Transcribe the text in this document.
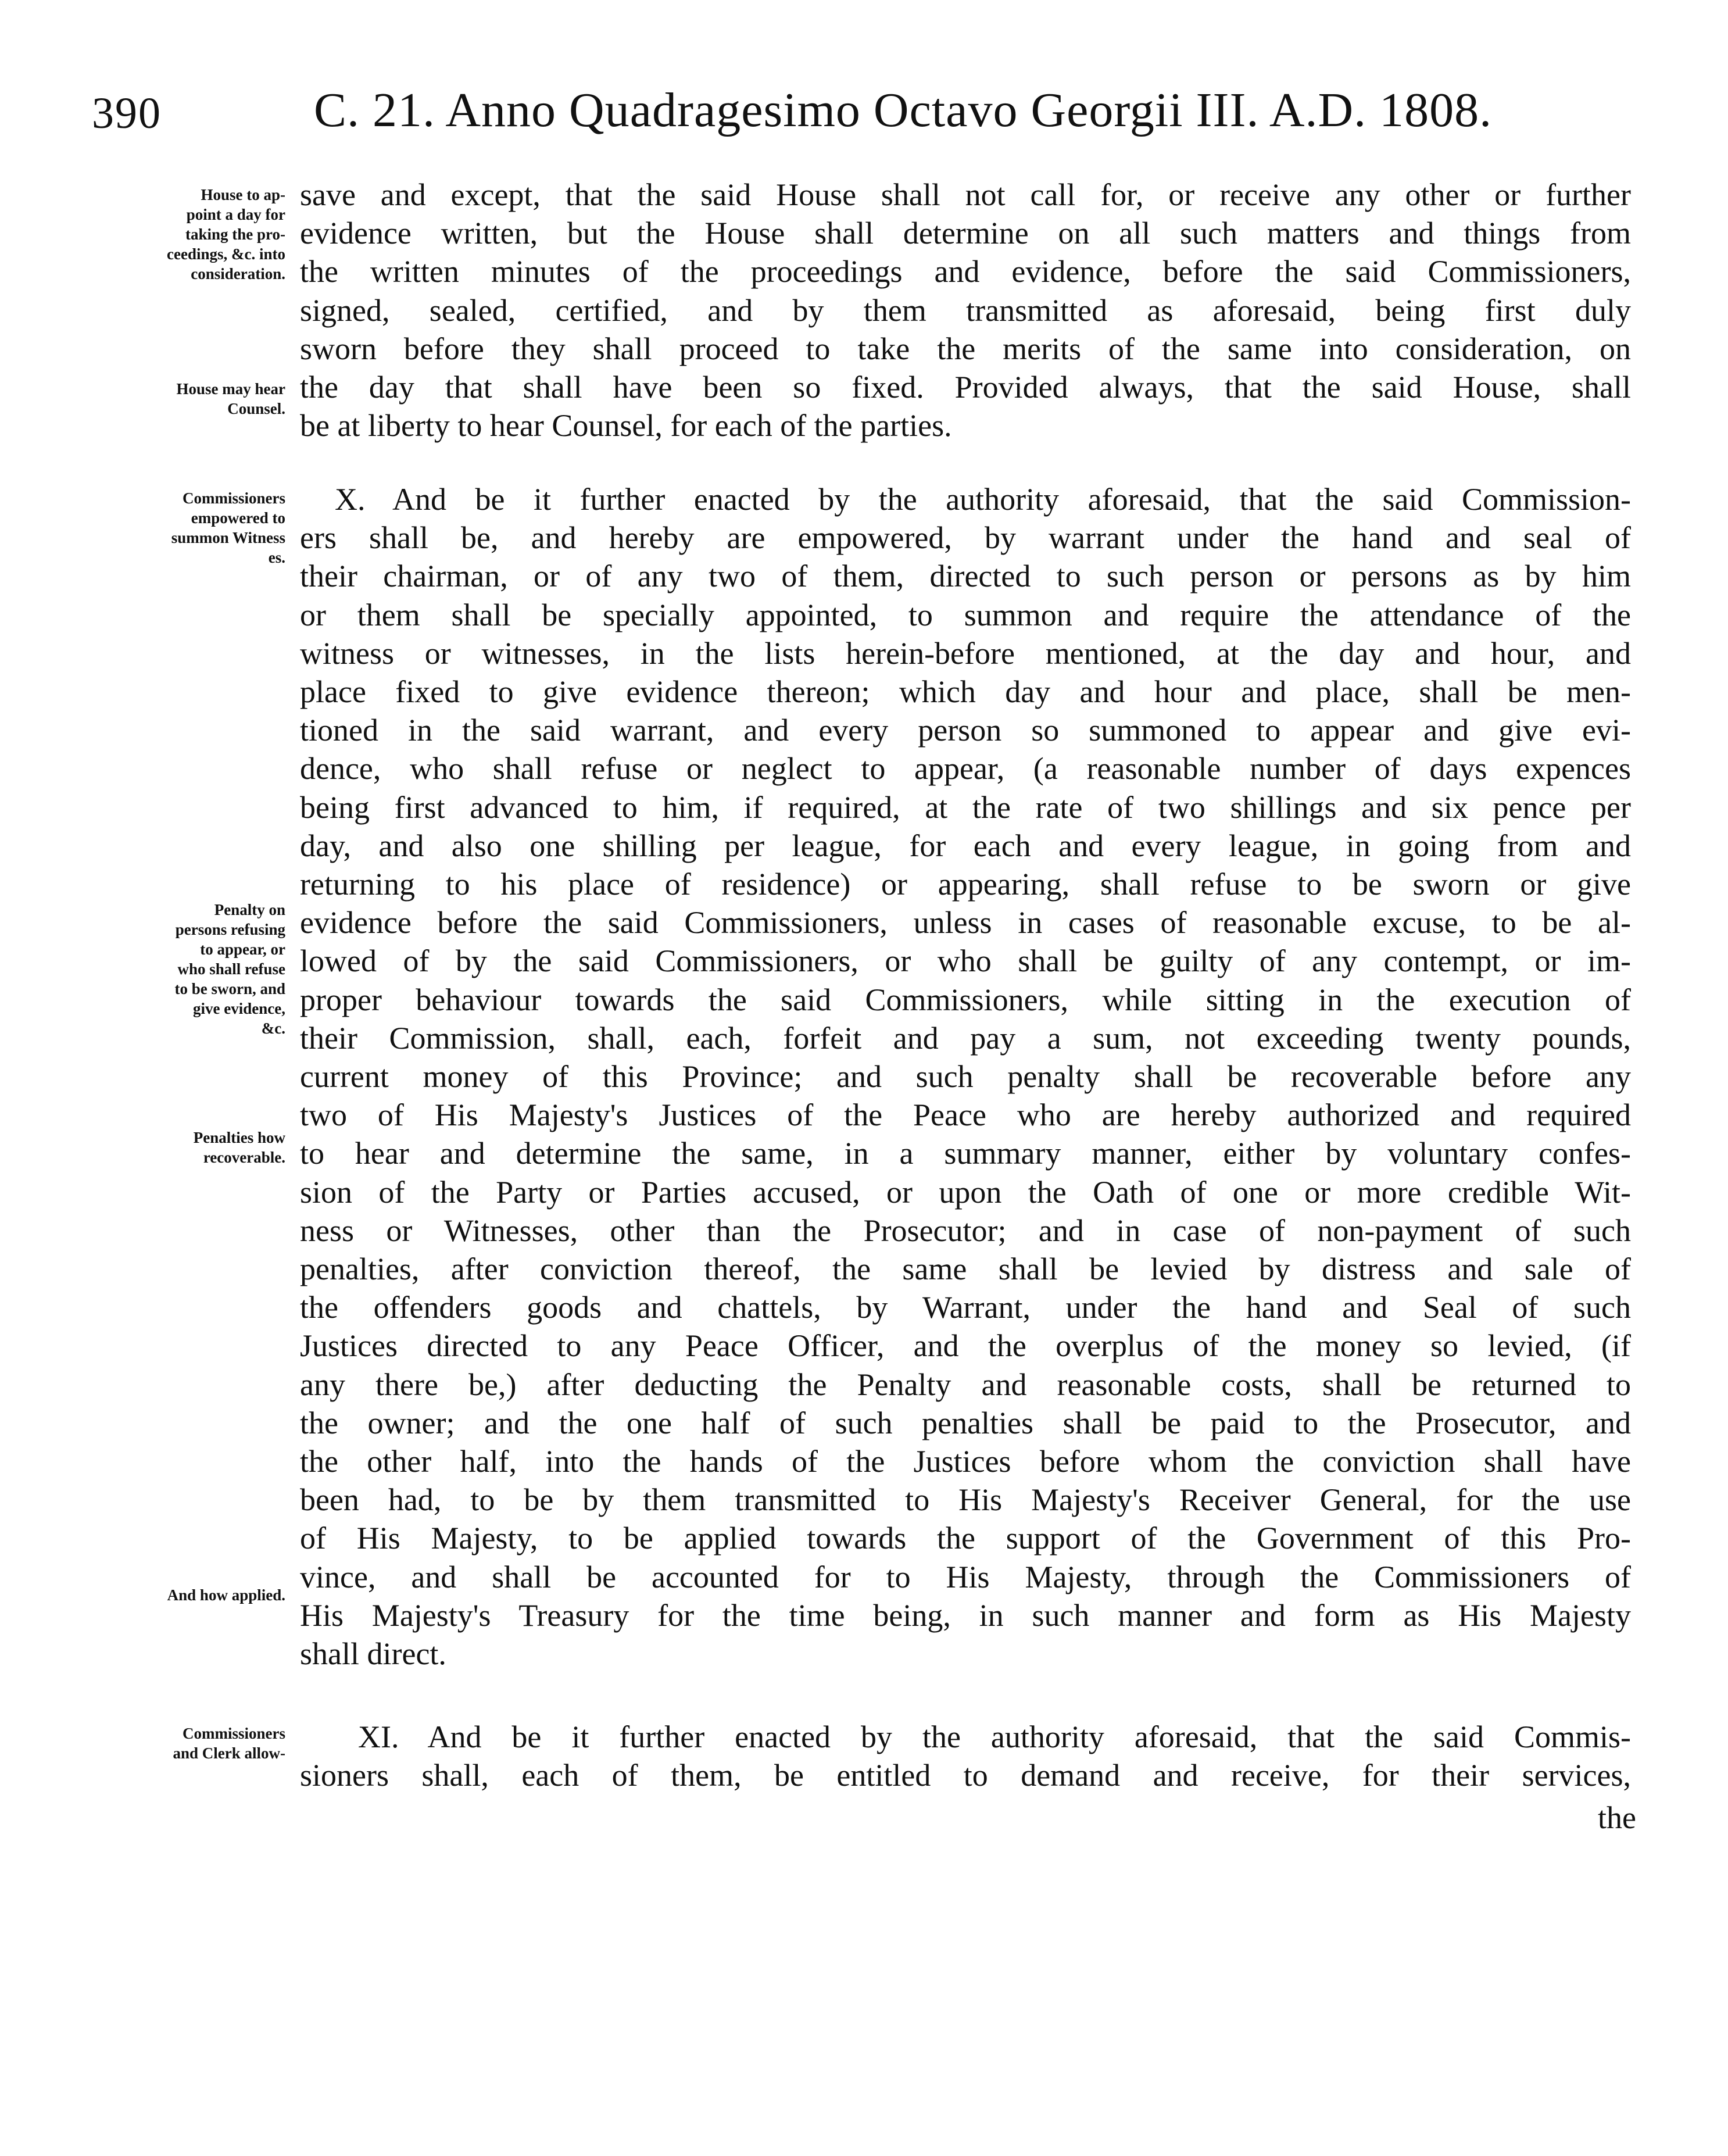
390	C. 21. Anno Quadragesimo Octavo Georgii III. A.D. 1808.
House to ap-
point a day for
taking the pro-
ceedings, &c. into
consideration.
House may hear
Counsel.
Commissioners
empowered to
summon Witness
es.
Penalty on
persons refusing
to appear, or
who shall refuse
to be sworn, and
give evidence,
&c.
Penalties how
recoverable.
And how applied.
Commissioners
and Clerk allow-
save and except, that the said House shall not call for, or receive any other or further
evidence written, but the House shall determine on all such matters and things from
the written minutes of the proceedings and evidence, before the said Commissioners,
signed, sealed, certified, and by them transmitted as aforesaid, being first duly
sworn before they shall proceed to take the merits of the same into consideration, on
the day that shall have been so fixed. Provided always, that the said House, shall
be at liberty to hear Counsel, for each of the parties.
X. And be it further enacted by the authority aforesaid, that the said Commission-
ers shall be, and hereby are empowered, by warrant under the hand and seal of
their chairman, or of any two of them, directed to such person or persons as by him
or them shall be specially appointed, to summon and require the attendance of the
witness or witnesses, in the lists herein-before mentioned, at the day and hour, and
place fixed to give evidence thereon; which day and hour and place, shall be men-
tioned in the said warrant, and every person so summoned to appear and give evi-
dence, who shall refuse or neglect to appear, (a reasonable number of days expences
being first advanced to him, if required, at the rate of two shillings and six pence per
day, and also one shilling per league, for each and every league, in going from and
returning to his place of residence) or appearing, shall refuse to be sworn or give
evidence before the said Commissioners, unless in cases of reasonable excuse, to be al-
lowed of by the said Commissioners, or who shall be guilty of any contempt, or im-
proper behaviour towards the said Commissioners, while sitting in the execution of
their Commission, shall, each, forfeit and pay a sum, not exceeding twenty pounds,
current money of this Province; and such penalty shall be recoverable before any
two of His Majesty's Justices of the Peace who are hereby authorized and required
to hear and determine the same, in a summary manner, either by voluntary confes-
sion of the Party or Parties accused, or upon the Oath of one or more credible Wit-
ness or Witnesses, other than the Prosecutor; and in case of non-payment of such
penalties, after conviction thereof, the same shall be levied by distress and sale of
the offenders goods and chattels, by Warrant, under the hand and Seal of such
Justices directed to any Peace Officer, and the overplus of the money so levied, (if
any there be,) after deducting the Penalty and reasonable costs, shall be returned to
the owner; and the one half of such penalties shall be paid to the Prosecutor, and
the other half, into the hands of the Justices before whom the conviction shall have
been had, to be by them transmitted to His Majesty's Receiver General, for the use
of His Majesty, to be applied towards the support of the Government of this Pro-
vince, and shall be accounted for to His Majesty, through the Commissioners of
His Majesty's Treasury for the time being, in such manner and form as His Majesty
shall direct.
XI. And be it further enacted by the authority aforesaid, that the said Commis-
sioners shall, each of them, be entitled to demand and receive, for their services,
the
